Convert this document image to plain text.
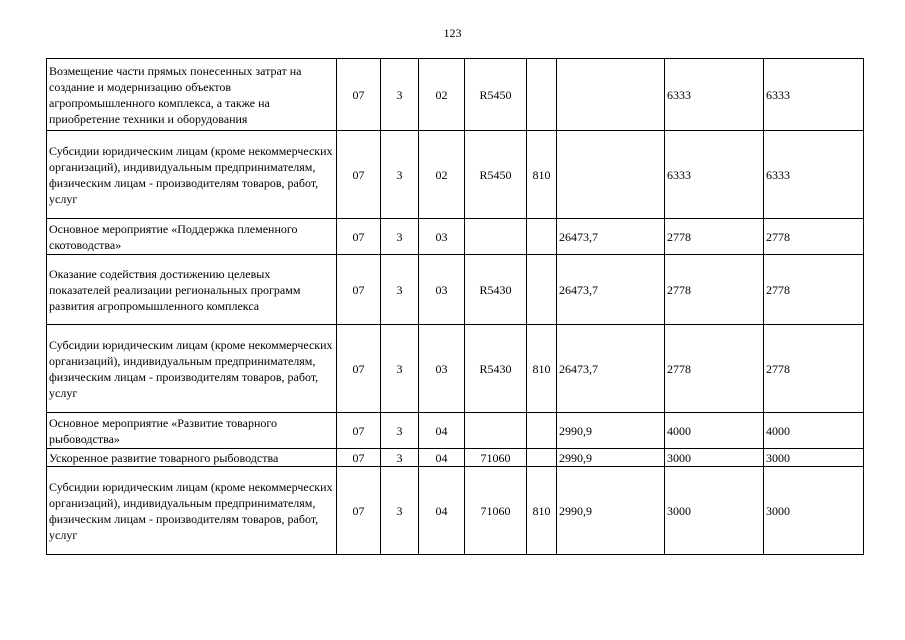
123
Возмещение части прямых понесенных затрат на создание и модернизацию объектов агропромышленного комплекса, а также на приобретение техники и оборудования	07	3	02	R5450			6333	6333
Субсидии юридическим лицам (кроме некоммерческих организаций), индивидуальным предпринимателям, физическим лицам - производителям товаров, работ, услуг	07	3	02	R5450	810		6333	6333
Основное мероприятие «Поддержка племенного скотоводства»	07	3	03			26473,7	2778	2778
Оказание содействия достижению целевых показателей реализации региональных программ развития агропромышленного комплекса	07	3	03	R5430		26473,7	2778	2778
Субсидии юридическим лицам (кроме некоммерческих организаций), индивидуальным предпринимателям, физическим лицам - производителям товаров, работ, услуг	07	3	03	R5430	810	26473,7	2778	2778
Основное мероприятие «Развитие товарного рыбоводства»	07	3	04			2990,9	4000	4000
Ускоренное развитие товарного рыбоводства	07	3	04	71060		2990,9	3000	3000
Субсидии юридическим лицам (кроме некоммерческих организаций), индивидуальным предпринимателям, физическим лицам - производителям товаров, работ, услуг	07	3	04	71060	810	2990,9	3000	3000
